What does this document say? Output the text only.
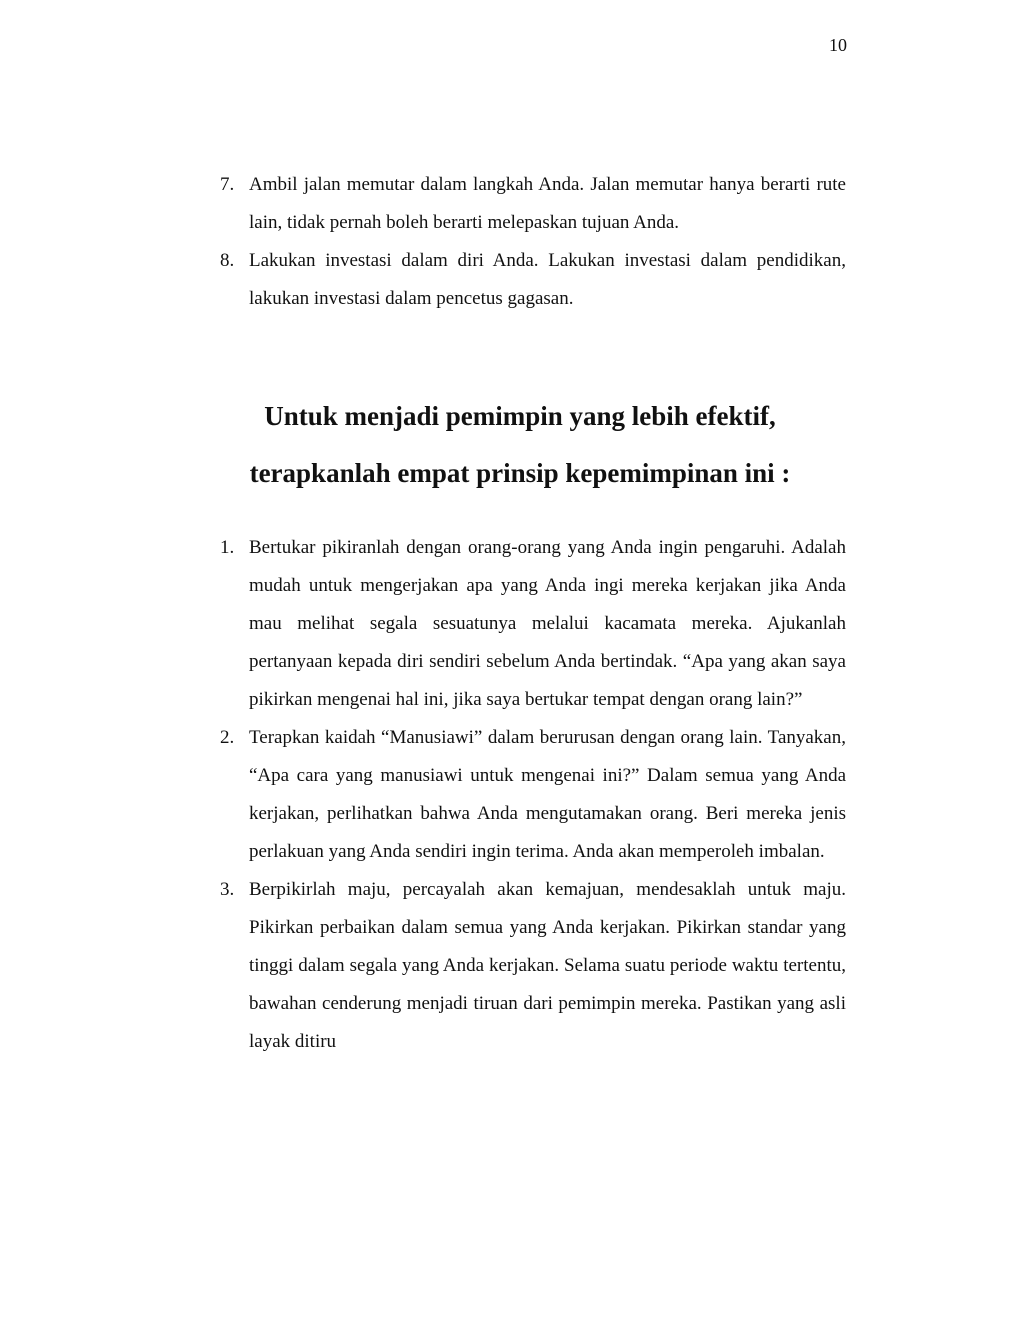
10
7. Ambil jalan memutar dalam langkah Anda. Jalan memutar hanya berarti rute lain, tidak pernah boleh berarti melepaskan tujuan Anda.
8. Lakukan investasi dalam diri Anda. Lakukan investasi dalam pendidikan, lakukan investasi dalam pencetus gagasan.
Untuk menjadi pemimpin yang lebih efektif,
terapkanlah empat prinsip kepemimpinan ini :
1. Bertukar pikiranlah dengan orang-orang yang Anda ingin pengaruhi. Adalah mudah untuk mengerjakan apa yang Anda ingi mereka kerjakan jika Anda mau melihat segala sesuatunya melalui kacamata mereka. Ajukanlah pertanyaan kepada diri sendiri sebelum Anda bertindak. “Apa yang akan saya pikirkan mengenai hal ini, jika saya bertukar tempat dengan orang lain?”
2. Terapkan kaidah “Manusiawi” dalam berurusan dengan orang lain. Tanyakan, “Apa cara yang manusiawi untuk mengenai ini?” Dalam semua yang Anda kerjakan, perlihatkan bahwa Anda mengutamakan orang. Beri mereka jenis perlakuan yang Anda sendiri ingin terima. Anda akan memperoleh imbalan.
3. Berpikirlah maju, percayalah akan kemajuan, mendesaklah untuk maju. Pikirkan perbaikan dalam semua yang Anda kerjakan. Pikirkan standar yang tinggi dalam segala yang Anda kerjakan. Selama suatu periode waktu tertentu, bawahan cenderung menjadi tiruan dari pemimpin mereka. Pastikan yang asli layak ditiru
